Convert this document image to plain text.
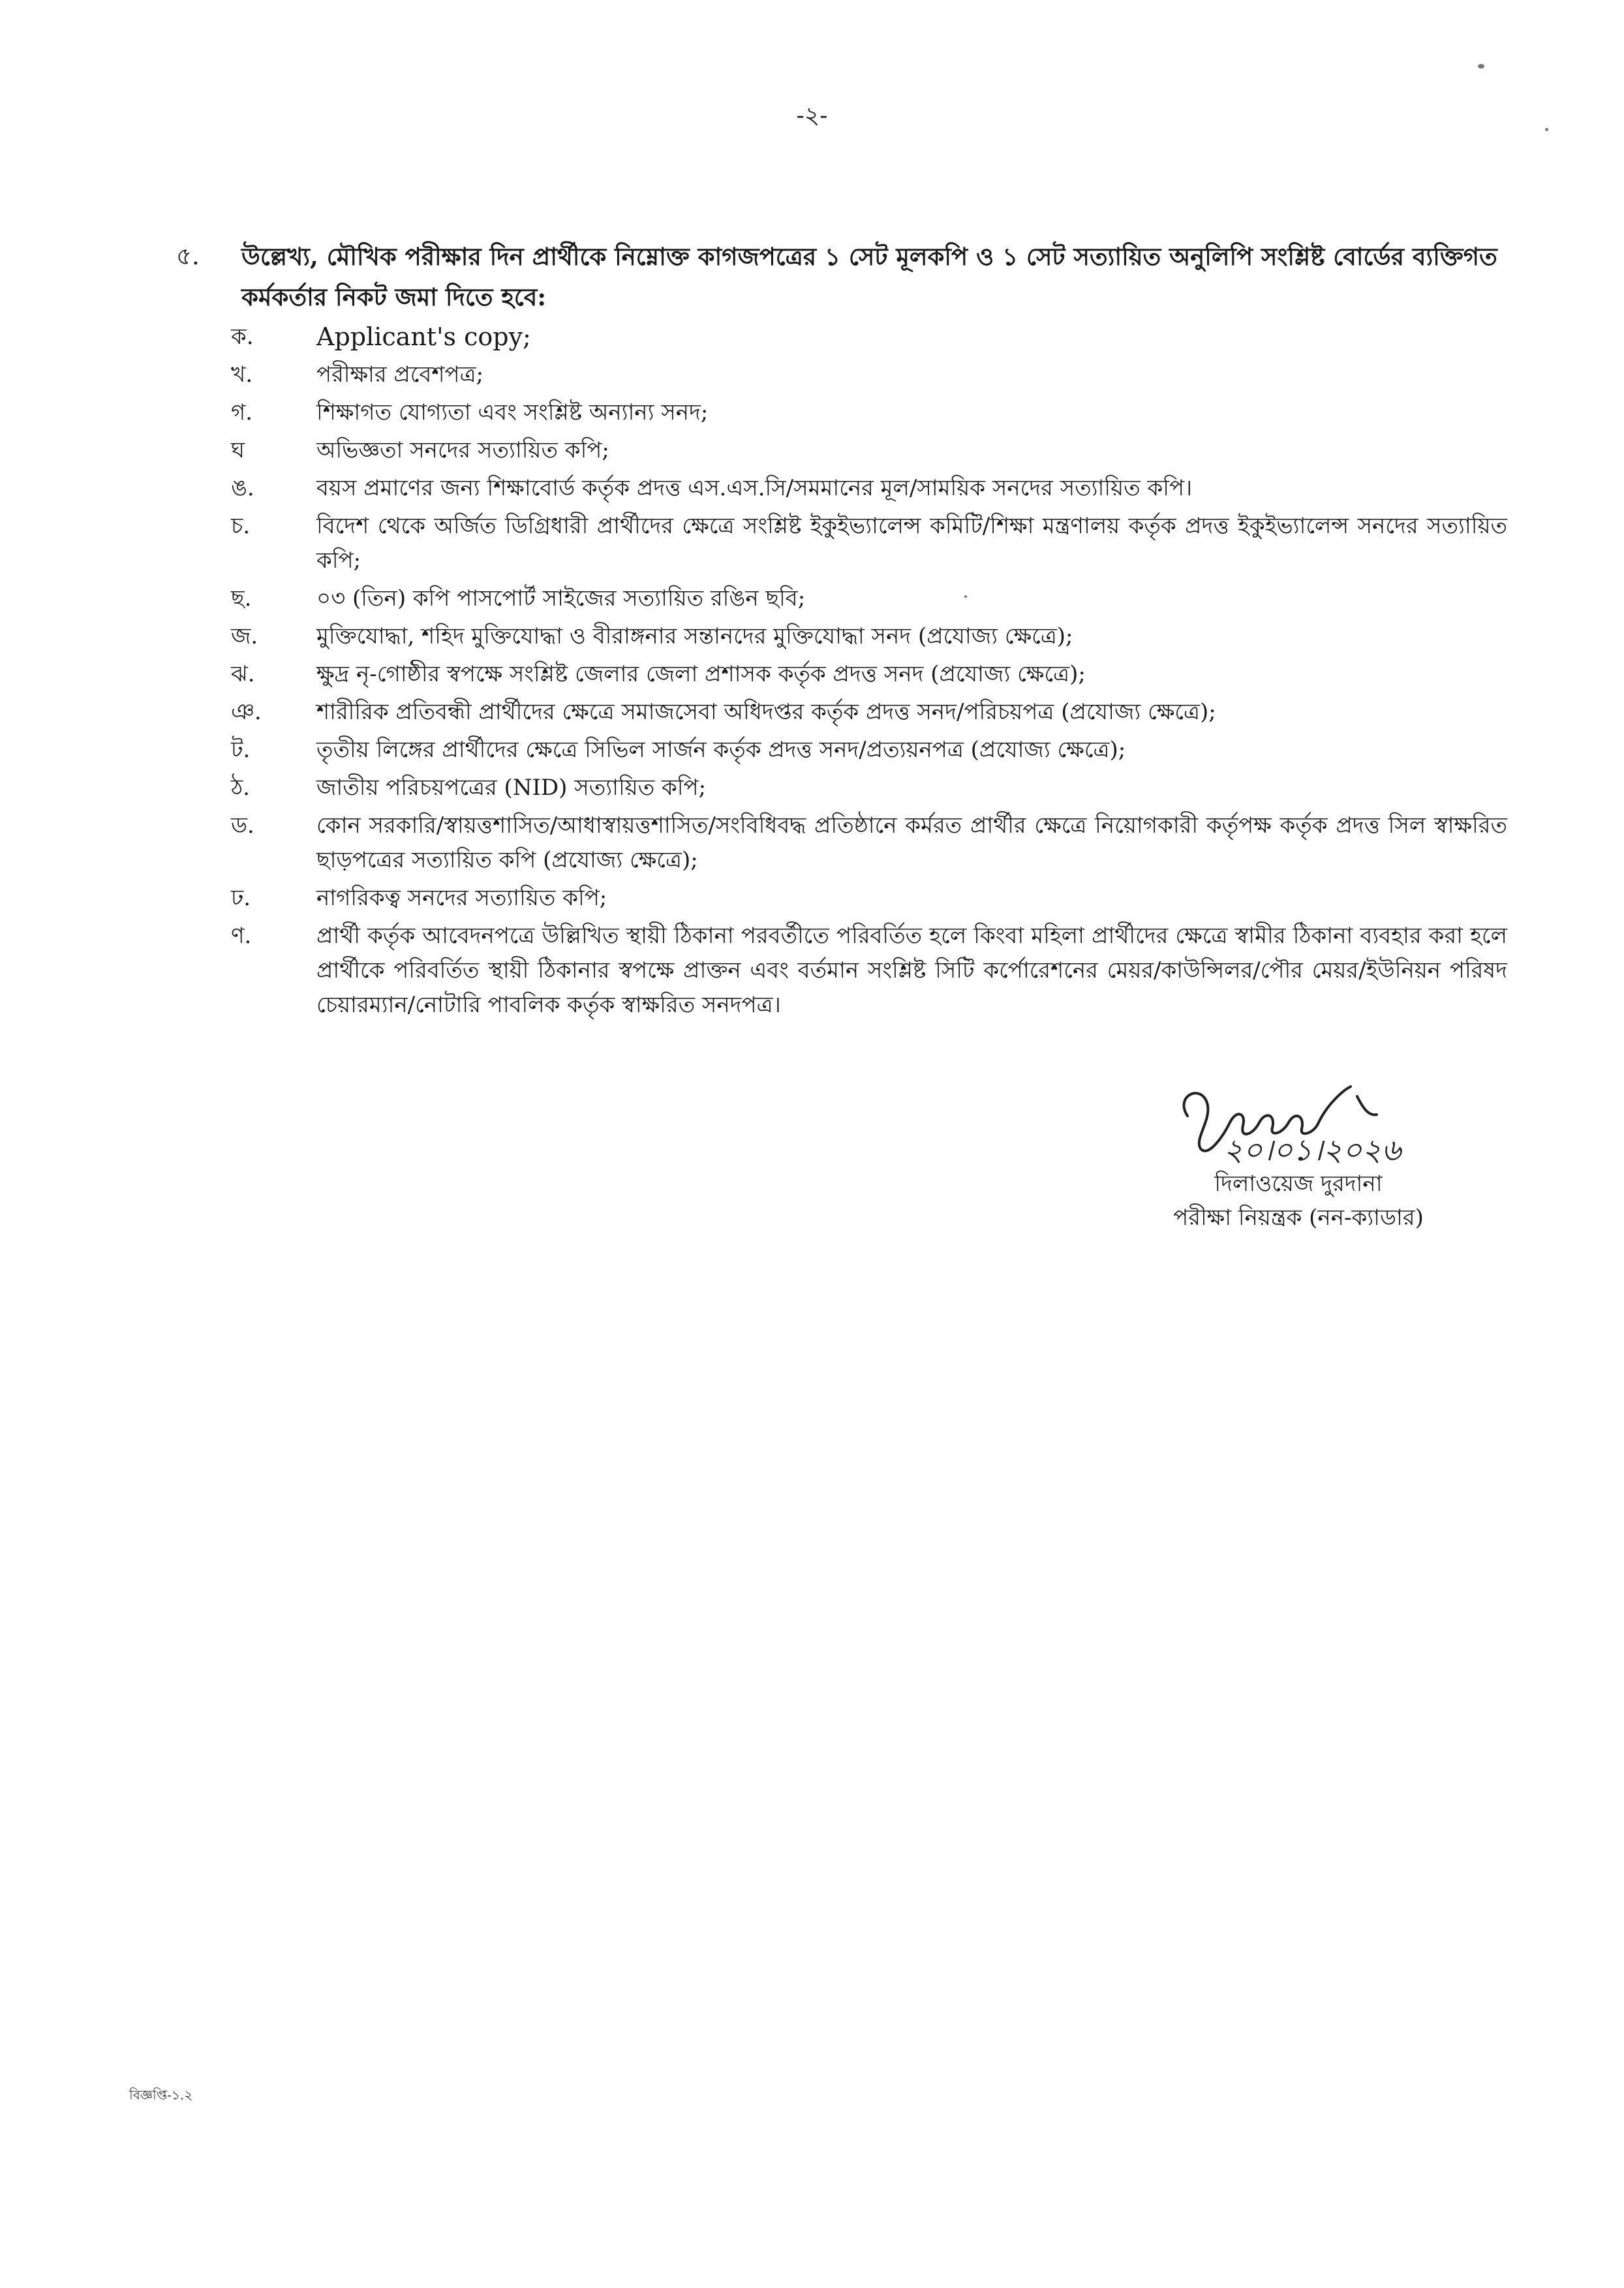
-২-
৫.	উল্লেখ্য, মৌখিক পরীক্ষার দিন প্রার্থীকে নিম্নোক্ত কাগজপত্রের ১ সেট মূলকপি ও ১ সেট সত্যায়িত অনুলিপি সংশ্লিষ্ট বোর্ডের ব্যক্তিগত কর্মকর্তার নিকট জমা দিতে হবে:
ক.	Applicant's copy;
খ.	পরীক্ষার প্রবেশপত্র;
গ.	শিক্ষাগত যোগ্যতা এবং সংশ্লিষ্ট অন্যান্য সনদ;
ঘ	অভিজ্ঞতা সনদের সত্যায়িত কপি;
ঙ.	বয়স প্রমাণের জন্য শিক্ষাবোর্ড কর্তৃক প্রদত্ত এস.এস.সি/সমমানের মূল/সাময়িক সনদের সত্যায়িত কপি।
চ.	বিদেশ থেকে অর্জিত ডিগ্রিধারী প্রার্থীদের ক্ষেত্রে সংশ্লিষ্ট ইকুইভ্যালেন্স কমিটি/শিক্ষা মন্ত্রণালয় কর্তৃক প্রদত্ত ইকুইভ্যালেন্স সনদের সত্যায়িত কপি;
ছ.	০৩ (তিন) কপি পাসপোর্ট সাইজের সত্যায়িত রঙিন ছবি;
জ.	মুক্তিযোদ্ধা, শহিদ মুক্তিযোদ্ধা ও বীরাঙ্গনার সন্তানদের মুক্তিযোদ্ধা সনদ (প্রযোজ্য ক্ষেত্রে);
ঝ.	ক্ষুদ্র নৃ-গোষ্ঠীর স্বপক্ষে সংশ্লিষ্ট জেলার জেলা প্রশাসক কর্তৃক প্রদত্ত সনদ (প্রযোজ্য ক্ষেত্রে);
ঞ.	শারীরিক প্রতিবন্ধী প্রার্থীদের ক্ষেত্রে সমাজসেবা অধিদপ্তর কর্তৃক প্রদত্ত সনদ/পরিচয়পত্র (প্রযোজ্য ক্ষেত্রে);
ট.	তৃতীয় লিঙ্গের প্রার্থীদের ক্ষেত্রে সিভিল সার্জন কর্তৃক প্রদত্ত সনদ/প্রত্যয়নপত্র (প্রযোজ্য ক্ষেত্রে);
ঠ.	জাতীয় পরিচয়পত্রের (NID) সত্যায়িত কপি;
ড.	কোন সরকারি/স্বায়ত্তশাসিত/আধাস্বায়ত্তশাসিত/সংবিধিবদ্ধ প্রতিষ্ঠানে কর্মরত প্রার্থীর ক্ষেত্রে নিয়োগকারী কর্তৃপক্ষ কর্তৃক প্রদত্ত সিল স্বাক্ষরিত ছাড়পত্রের সত্যায়িত কপি (প্রযোজ্য ক্ষেত্রে);
ঢ.	নাগরিকত্ব সনদের সত্যায়িত কপি;
ণ.	প্রার্থী কর্তৃক আবেদনপত্রে উল্লিখিত স্থায়ী ঠিকানা পরবর্তীতে পরিবর্তিত হলে কিংবা মহিলা প্রার্থীদের ক্ষেত্রে স্বামীর ঠিকানা ব্যবহার করা হলে প্রার্থীকে পরিবর্তিত স্থায়ী ঠিকানার স্বপক্ষে প্রাক্তন এবং বর্তমান সংশ্লিষ্ট সিটি কর্পোরেশনের মেয়র/কাউন্সিলর/পৌর মেয়র/ইউনিয়ন পরিষদ চেয়ারম্যান/নোটারি পাবলিক কর্তৃক স্বাক্ষরিত সনদপত্র।
২০।০১।২০২৬
দিলাওয়েজ দুরদানা
পরীক্ষা নিয়ন্ত্রক (নন-ক্যাডার)
বিজ্ঞপ্তি-১.২
